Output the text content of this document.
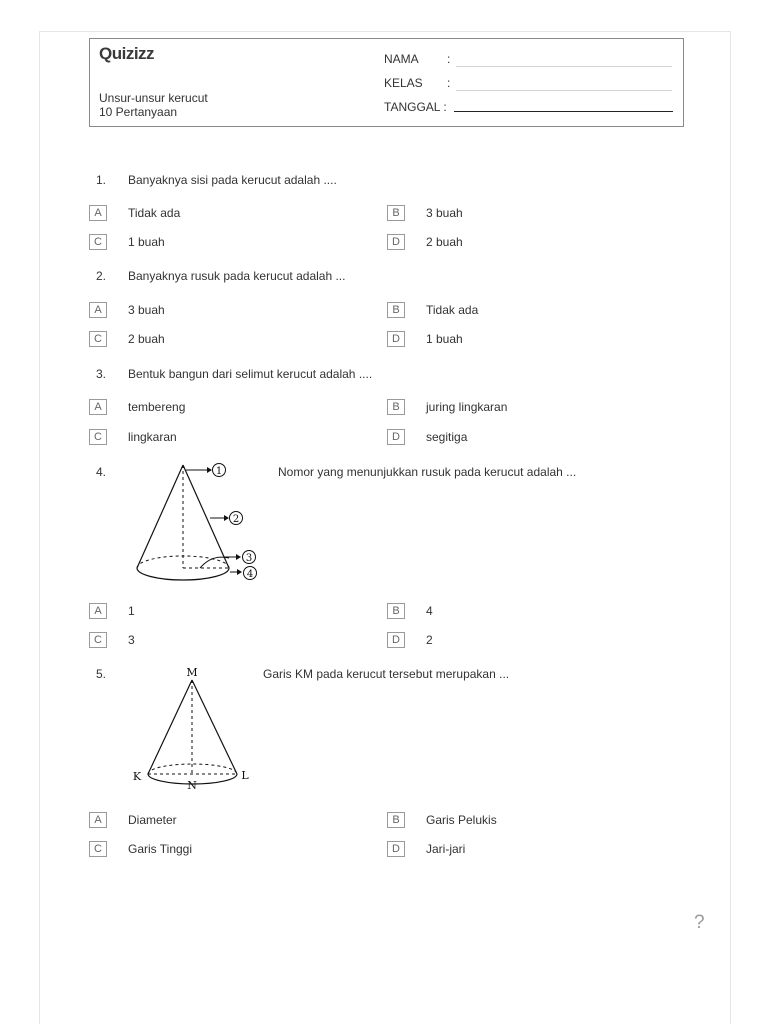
Quizizz
Unsur-unsur kerucut
10 Pertanyaan
NAMA :
KELAS :
TANGGAL :
1. Banyaknya sisi pada kerucut adalah ....
A	Tidak ada	B	3 buah
C	1 buah	D	2 buah
2. Banyaknya rusuk pada kerucut adalah ...
A	3 buah	B	Tidak ada
C	2 buah	D	1 buah
3. Bentuk bangun dari selimut kerucut adalah ....
A	tembereng	B	juring lingkaran
C	lingkaran	D	segitiga
4.	Nomor yang menunjukkan rusuk pada kerucut adalah ...
1
2
3
4
A	1	B	4
C	3	D	2
5.	Garis KM pada kerucut tersebut merupakan ...
M
K
N
L
A	Diameter	B	Garis Pelukis
C	Garis Tinggi	D	Jari-jari
?
